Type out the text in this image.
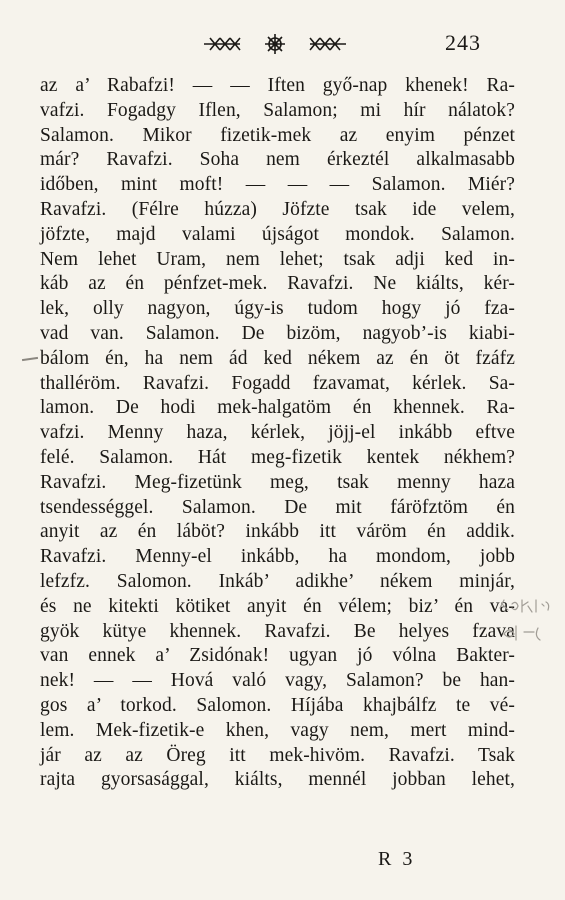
243
az a’ Rabafzi! — — Iften győ-nap khenek! Ra-
vafzi. Fogadgy Iflen, Salamon; mi hír nálatok?
Salamon. Mikor fizetik-mek az enyim pénzet
már? Ravafzi. Soha nem érkeztél alkalmasabb
időben, mint moft! — — — Salamon. Miér?
Ravafzi. (Félre húzza) Jöfzte tsak ide velem,
jöfzte, majd valami újságot mondok. Salamon.
Nem lehet Uram, nem lehet; tsak adji ked in-
káb az én pénfzet-mek. Ravafzi. Ne kiálts, kér-
lek, olly nagyon, úgy-is tudom hogy jó fza-
vad van. Salamon. De bizöm, nagyob’-is kiabi-
bálom én, ha nem ád ked nékem az én öt fzáfz
thalléröm. Ravafzi. Fogadd fzavamat, kérlek. Sa-
lamon. De hodi mek-halgatöm én khennek. Ra-
vafzi. Menny haza, kérlek, jöjj-el inkább eftve
felé. Salamon. Hát meg-fizetik kentek nékhem?
Ravafzi. Meg-fizetünk meg, tsak menny haza
tsendességgel. Salamon. De mit fáröfztöm én
anyit az én láböt? inkább itt váröm én addik.
Ravafzi. Menny-el inkább, ha mondom, jobb
lefzfz. Salomon. Inkáb’ adikhe’ nékem minjár,
és ne kitekti kötiket anyit én vélem; biz’ én va-
gyök kütye khennek. Ravafzi. Be helyes fzava
van ennek a’ Zsidónak! ugyan jó vólna Bakter-
nek! — — Hová való vagy, Salamon? be han-
gos a’ torkod. Salomon. Híjába khajbálfz te vé-
lem. Mek-fizetik-e khen, vagy nem, mert mind-
jár az az Öreg itt mek-hivöm. Ravafzi. Tsak
rajta gyorsasággal, kiálts, mennél jobban lehet,
R 3
